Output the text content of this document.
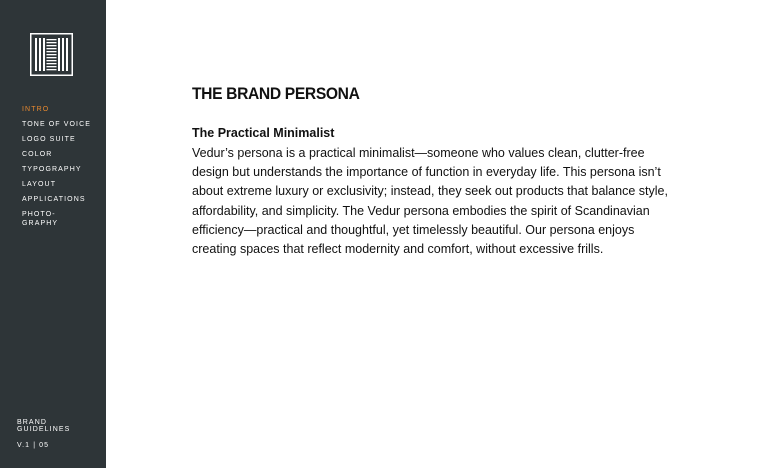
INTRO
TONE OF VOICE
LOGO SUITE
COLOR
TYPOGRAPHY
LAYOUT
APPLICATIONS
PHOTO-GRAPHY
BRAND GUIDELINES
V.1 | 05
THE BRAND PERSONA
The Practical Minimalist

Vedur’s persona is a practical minimalist—someone who values clean, clutter-free design but understands the importance of function in everyday life. This persona isn’t about extreme luxury or exclusivity; instead, they seek out products that balance style, affordability, and simplicity. The Vedur persona embodies the spirit of Scandinavian efficiency—practical and thoughtful, yet timelessly beautiful. Our persona enjoys creating spaces that reflect modernity and comfort, without excessive frills.
